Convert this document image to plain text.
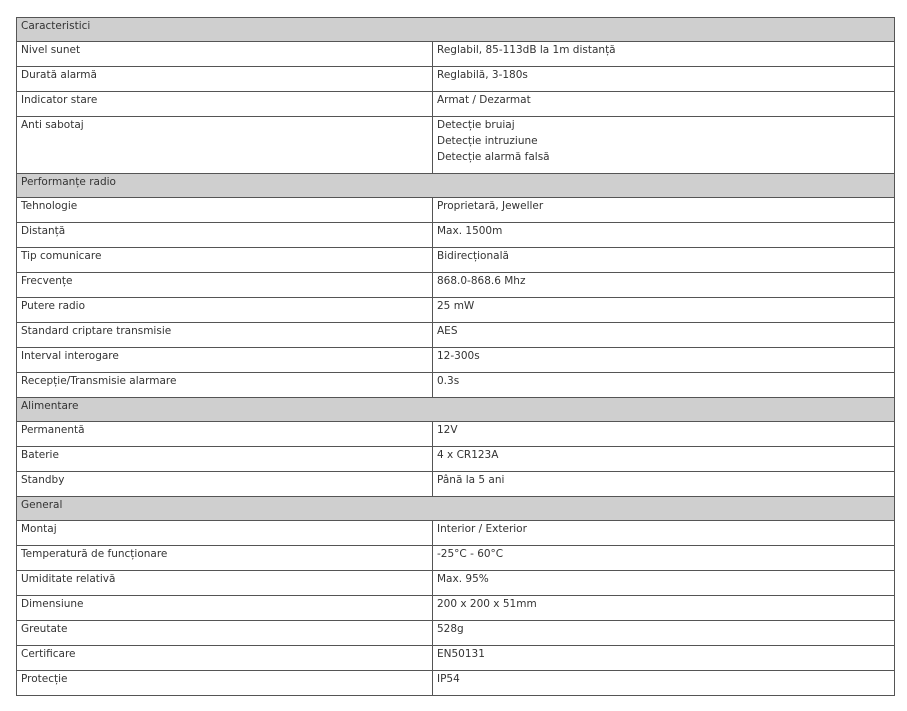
Caracteristici	
Nivel sunet	Reglabil, 85-113dB la 1m distanță

Durată alarmă	Reglabilă, 3-180s

Indicator stare	Armat / Dezarmat

Anti sabotaj	Detecție bruiaj
Detecție intruziune
Detecție alarmă falsă

Performanțe radio	
Tehnologie	Proprietară, Jeweller

Distanță	Max. 1500m

Tip comunicare	Bidirecțională

Frecvențe	868.0-868.6 Mhz

Putere radio	25 mW

Standard criptare transmisie	AES

Interval interogare	12-300s

Recepție/Transmisie alarmare	0.3s

Alimentare	
Permanentă	12V

Baterie	4 x CR123A

Standby	Până la 5 ani

General	
Montaj	Interior / Exterior

Temperatură de funcționare	-25°C - 60°C

Umiditate relativă	Max. 95%

Dimensiune	200 x 200 x 51mm

Greutate	528g

Certificare	EN50131

Protecție	IP54
